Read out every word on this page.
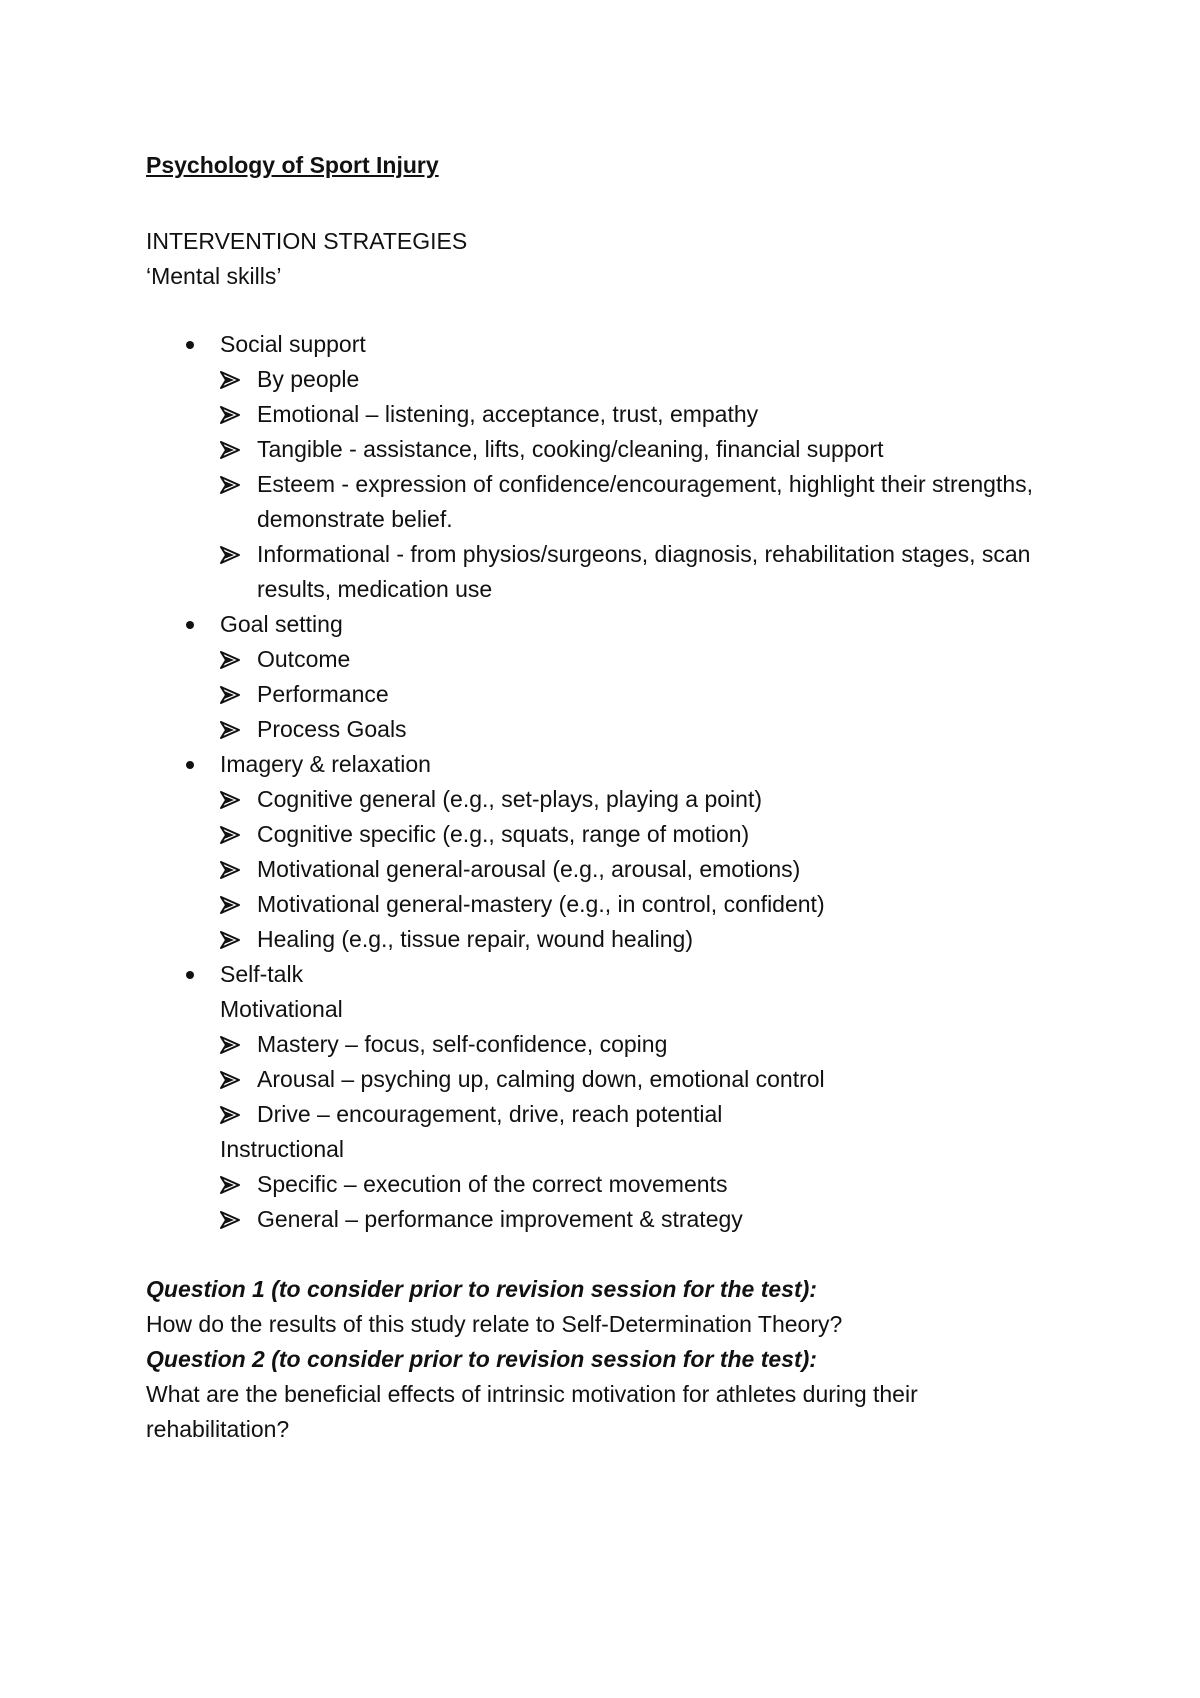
Psychology of Sport Injury

INTERVENTION STRATEGIES

‘Mental skills’

Social support
By people
Emotional – listening, acceptance, trust, empathy
Tangible - assistance, lifts, cooking/cleaning, financial support
Esteem - expression of confidence/encouragement, highlight their strengths, demonstrate belief.
Informational - from physios/surgeons, diagnosis, rehabilitation stages, scan results, medication use
Goal setting
Outcome
Performance
Process Goals
Imagery & relaxation
Cognitive general (e.g., set-plays, playing a point)
Cognitive specific (e.g., squats, range of motion)
Motivational general-arousal (e.g., arousal, emotions)
Motivational general-mastery (e.g., in control, confident)
Healing (e.g., tissue repair, wound healing)
Self-talk
Motivational
Mastery – focus, self-confidence, coping
Arousal – psyching up, calming down, emotional control
Drive – encouragement, drive, reach potential
Instructional
Specific – execution of the correct movements
General – performance improvement & strategy

Question 1 (to consider prior to revision session for the test):

How do the results of this study relate to Self-Determination Theory?

Question 2 (to consider prior to revision session for the test):

What are the beneficial effects of intrinsic motivation for athletes during their rehabilitation?
